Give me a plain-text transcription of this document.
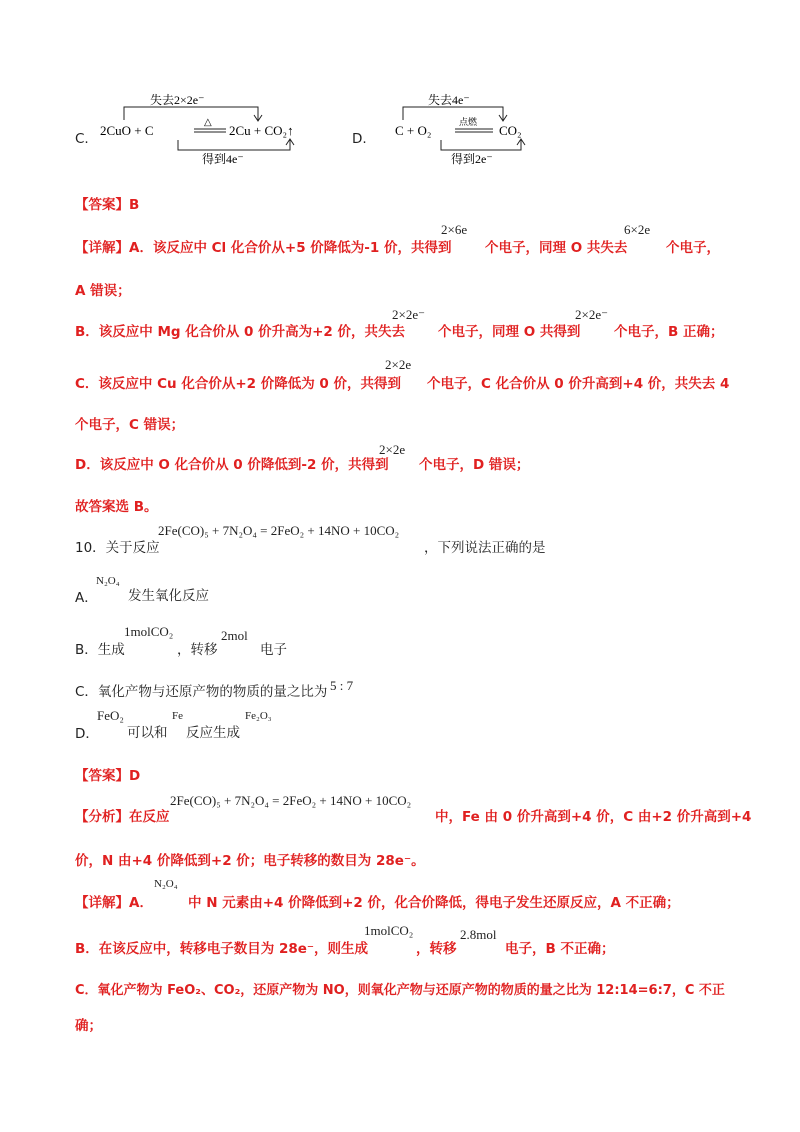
C.
失去2×2e⁻
2CuO + C
△
2Cu + CO₂↑
得到4e⁻
D.
失去4e⁻
C + O₂
点燃
CO₂
得到2e⁻
【答案】B
【详解】A．该反应中 Cl 化合价从+5 价降低为-1 价，共得到
2×6e
个电子，同理 O 共失去
6×2e
个电子，
A 错误；
B．该反应中 Mg 化合价从 0 价升高为+2 价，共失去
2×2e⁻
个电子，同理 O 共得到
2×2e⁻
个电子，B 正确；
C．该反应中 Cu 化合价从+2 价降低为 0 价，共得到
2×2e
个电子，C 化合价从 0 价升高到+4 价，共失去 4
个电子，C 错误；
D．该反应中 O 化合价从 0 价降低到-2 价，共得到
2×2e
个电子，D 错误；
故答案选 B。
10．关于反应
2Fe(CO)₅ + 7N₂O₄ = 2FeO₂ + 14NO + 10CO₂
，下列说法正确的是
A．
N₂O₄
发生氧化反应
B．生成
1molCO₂
，转移
2mol
电子
C．氧化产物与还原产物的物质的量之比为 5 : 7
D．
FeO₂
可以和
Fe
反应生成
Fe₂O₃
【答案】D
【分析】在反应
2Fe(CO)₅ + 7N₂O₄ = 2FeO₂ + 14NO + 10CO₂
中，Fe 由 0 价升高到+4 价，C 由+2 价升高到+4
价，N 由+4 价降低到+2 价；电子转移的数目为 28e⁻。
【详解】A．
N₂O₄
中 N 元素由+4 价降低到+2 价，化合价降低，得电子发生还原反应，A 不正确；
B．在该反应中，转移电子数目为 28e⁻，则生成
1molCO₂
，转移
2.8mol
电子，B 不正确；
C．氧化产物为 FeO₂、CO₂，还原产物为 NO，则氧化产物与还原产物的物质的量之比为 12:14=6:7，C 不正
确；
